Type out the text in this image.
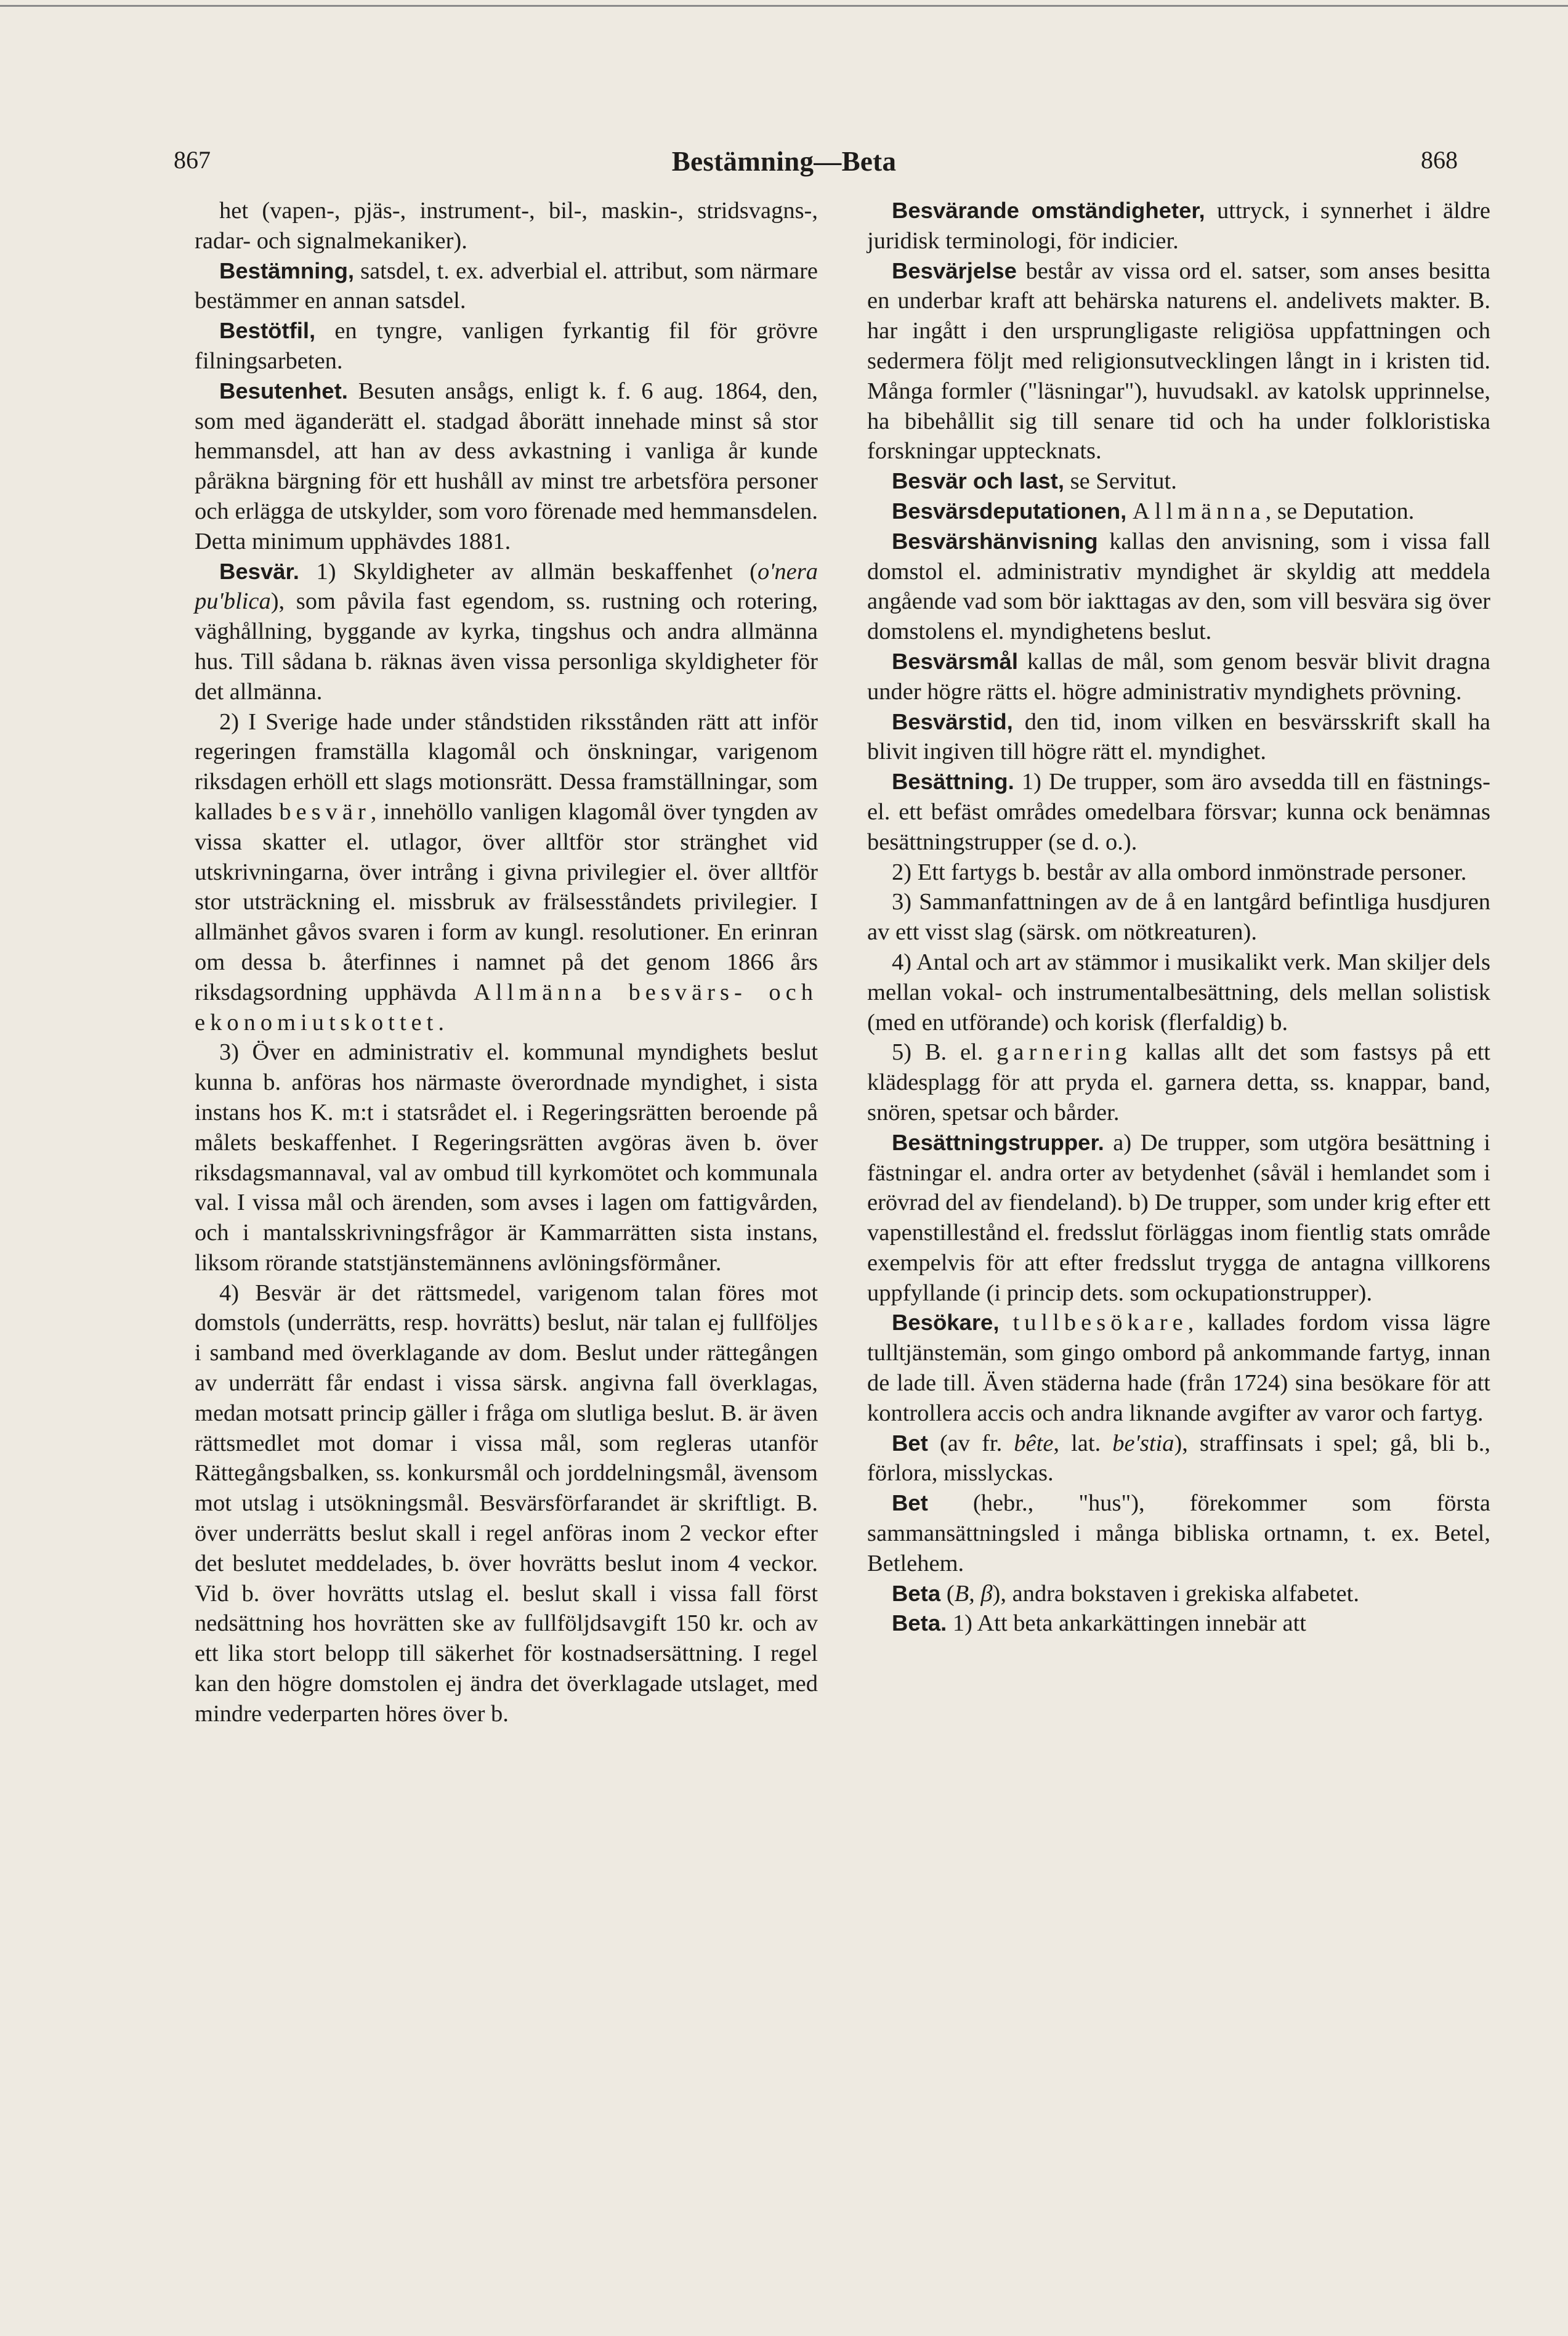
867	Bestämning—Beta	868

het (vapen-, pjäs-, instrument-, bil-, maskin-, stridsvagns-, radar- och signalmekaniker).

Bestämning, satsdel, t. ex. adverbial el. attribut, som närmare bestämmer en annan satsdel.

Bestötfil, en tyngre, vanligen fyrkantig fil för grövre filningsarbeten.

Besutenhet. Besuten ansågs, enligt k. f. 6 aug. 1864, den, som med äganderätt el. stadgad åborätt innehade minst så stor hemmansdel, att han av dess avkastning i vanliga år kunde påräkna bärgning för ett hushåll av minst tre arbetsföra personer och erlägga de utskylder, som voro förenade med hemmansdelen. Detta minimum upphävdes 1881.

Besvär. 1) Skyldigheter av allmän beskaffenhet (o'nera pu'blica), som påvila fast egendom, ss. rustning och rotering, väghållning, byggande av kyrka, tingshus och andra allmänna hus. Till sådana b. räknas även vissa personliga skyldigheter för det allmänna.

2) I Sverige hade under ståndstiden riksstånden rätt att inför regeringen framställa klagomål och önskningar, varigenom riksdagen erhöll ett slags motionsrätt. Dessa framställningar, som kallades besvär, innehöllo vanligen klagomål över tyngden av vissa skatter el. utlagor, över alltför stor stränghet vid utskrivningarna, över intrång i givna privilegier el. över alltför stor utsträckning el. missbruk av frälsesståndets privilegier. I allmänhet gåvos svaren i form av kungl. resolutioner. En erinran om dessa b. återfinnes i namnet på det genom 1866 års riksdagsordning upphävda Allmänna besvärs- och ekonomiutskottet.

3) Över en administrativ el. kommunal myndighets beslut kunna b. anföras hos närmaste överordnade myndighet, i sista instans hos K. m:t i statsrådet el. i Regeringsrätten beroende på målets beskaffenhet. I Regeringsrätten avgöras även b. över riksdagsmannaval, val av ombud till kyrkomötet och kommunala val. I vissa mål och ärenden, som avses i lagen om fattigvården, och i mantalsskrivningsfrågor är Kammarrätten sista instans, liksom rörande statstjänstemännens avlöningsförmåner.

4) Besvär är det rättsmedel, varigenom talan föres mot domstols (underrätts, resp. hovrätts) beslut, när talan ej fullföljes i samband med överklagande av dom. Beslut under rättegången av underrätt får endast i vissa särsk. angivna fall överklagas, medan motsatt princip gäller i fråga om slutliga beslut. B. är även rättsmedlet mot domar i vissa mål, som regleras utanför Rättegångsbalken, ss. konkursmål och jorddelningsmål, ävensom mot utslag i utsökningsmål. Besvärsförfarandet är skriftligt. B. över underrätts beslut skall i regel anföras inom 2 veckor efter det beslutet meddelades, b. över hovrätts beslut inom 4 veckor. Vid b. över hovrätts utslag el. beslut skall i vissa fall först nedsättning hos hovrätten ske av fullföljdsavgift 150 kr. och av ett lika stort belopp till säkerhet för kostnadsersättning. I regel kan den högre domstolen ej ändra det överklagade utslaget, med mindre vederparten höres över b.

Besvärande omständigheter, uttryck, i synnerhet i äldre juridisk terminologi, för indicier.

Besvärjelse består av vissa ord el. satser, som anses besitta en underbar kraft att behärska naturens el. andelivets makter. B. har ingått i den ursprungligaste religiösa uppfattningen och sedermera följt med religionsutvecklingen långt in i kristen tid. Många formler ("läsningar"), huvudsakl. av katolsk upprinnelse, ha bibehållit sig till senare tid och ha under folkloristiska forskningar upptecknats.

Besvär och last, se Servitut.

Besvärsdeputationen, Allmänna, se Deputation.

Besvärshänvisning kallas den anvisning, som i vissa fall domstol el. administrativ myndighet är skyldig att meddela angående vad som bör iakttagas av den, som vill besvära sig över domstolens el. myndighetens beslut.

Besvärsmål kallas de mål, som genom besvär blivit dragna under högre rätts el. högre administrativ myndighets prövning.

Besvärstid, den tid, inom vilken en besvärsskrift skall ha blivit ingiven till högre rätt el. myndighet.

Besättning. 1) De trupper, som äro avsedda till en fästnings- el. ett befäst områdes omedelbara försvar; kunna ock benämnas besättningstrupper (se d. o.).

2) Ett fartygs b. består av alla ombord inmönstrade personer.

3) Sammanfattningen av de å en lantgård befintliga husdjuren av ett visst slag (särsk. om nötkreaturen).

4) Antal och art av stämmor i musikalikt verk. Man skiljer dels mellan vokal- och instrumentalbesättning, dels mellan solistisk (med en utförande) och korisk (flerfaldig) b.

5) B. el. garnering kallas allt det som fastsys på ett klädesplagg för att pryda el. garnera detta, ss. knappar, band, snören, spetsar och bårder.

Besättningstrupper. a) De trupper, som utgöra besättning i fästningar el. andra orter av betydenhet (såväl i hemlandet som i erövrad del av fiendeland). b) De trupper, som under krig efter ett vapenstillestånd el. fredsslut förläggas inom fientlig stats område exempelvis för att efter fredsslut trygga de antagna villkorens uppfyllande (i princip dets. som ockupationstrupper).

Besökare, tullbesökare, kallades fordom vissa lägre tulltjänstemän, som gingo ombord på ankommande fartyg, innan de lade till. Även städerna hade (från 1724) sina besökare för att kontrollera accis och andra liknande avgifter av varor och fartyg.

Bet (av fr. bête, lat. be'stia), straffinsats i spel; gå, bli b., förlora, misslyckas.

Bet (hebr., "hus"), förekommer som första sammansättningsled i många bibliska ortnamn, t. ex. Betel, Betlehem.

Beta (B, β), andra bokstaven i grekiska alfabetet.

Beta. 1) Att beta ankarkättingen innebär att
